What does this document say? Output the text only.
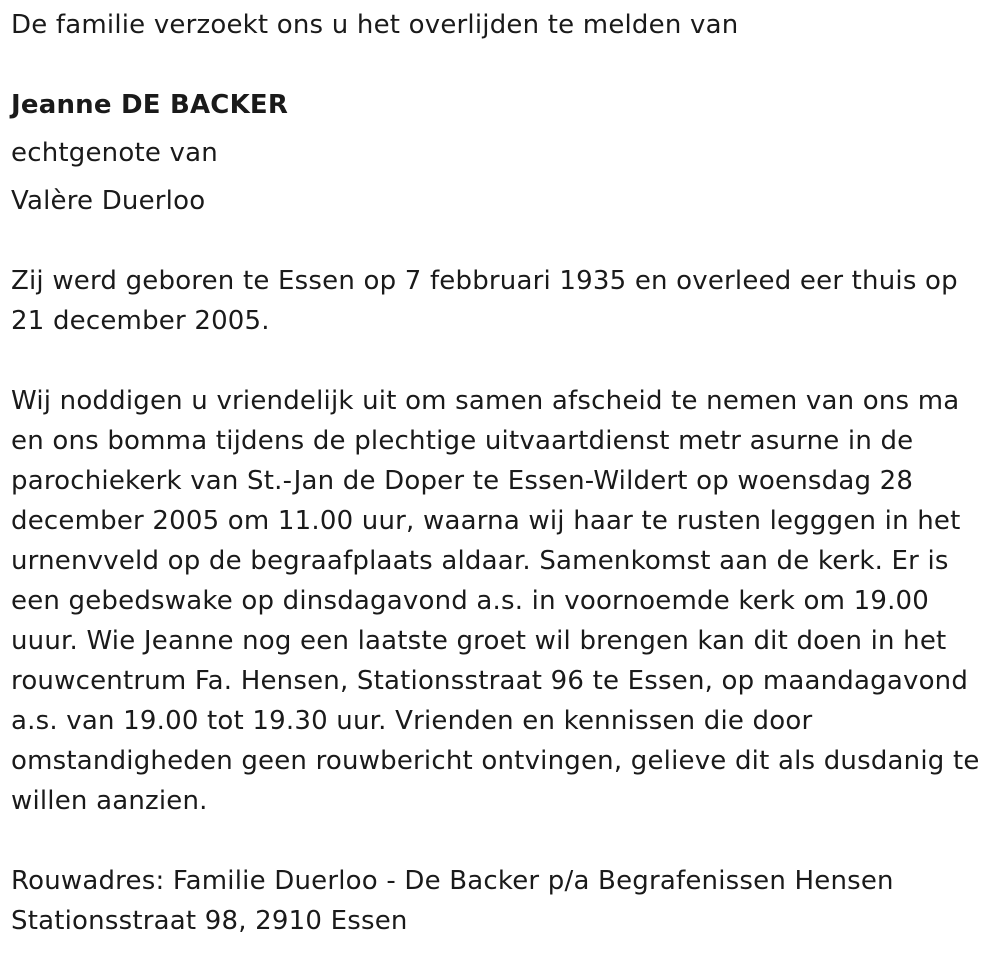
De familie verzoekt ons u het overlijden te melden van
Jeanne DE BACKER
echtgenote van
Valère Duerloo
Zij werd geboren te Essen op 7 febbruari 1935 en overleed eer thuis op
21 december 2005.
Wij noddigen u vriendelijk uit om samen afscheid te nemen van ons ma
en ons bomma tijdens de plechtige uitvaartdienst metr asurne in de
parochiekerk van St.-Jan de Doper te Essen-Wildert op woensdag 28
december 2005 om 11.00 uur, waarna wij haar te rusten legggen in het
urnenvveld op de begraafplaats aldaar. Samenkomst aan de kerk. Er is
een gebedswake op dinsdagavond a.s. in voornoemde kerk om 19.00
uuur. Wie Jeanne nog een laatste groet wil brengen kan dit doen in het
rouwcentrum Fa. Hensen, Stationsstraat 96 te Essen, op maandagavond
a.s. van 19.00 tot 19.30 uur. Vrienden en kennissen die door
omstandigheden geen rouwbericht ontvingen, gelieve dit als dusdanig te
willen aanzien.
Rouwadres: Familie Duerloo - De Backer p/a Begrafenissen Hensen
Stationsstraat 98, 2910 Essen
